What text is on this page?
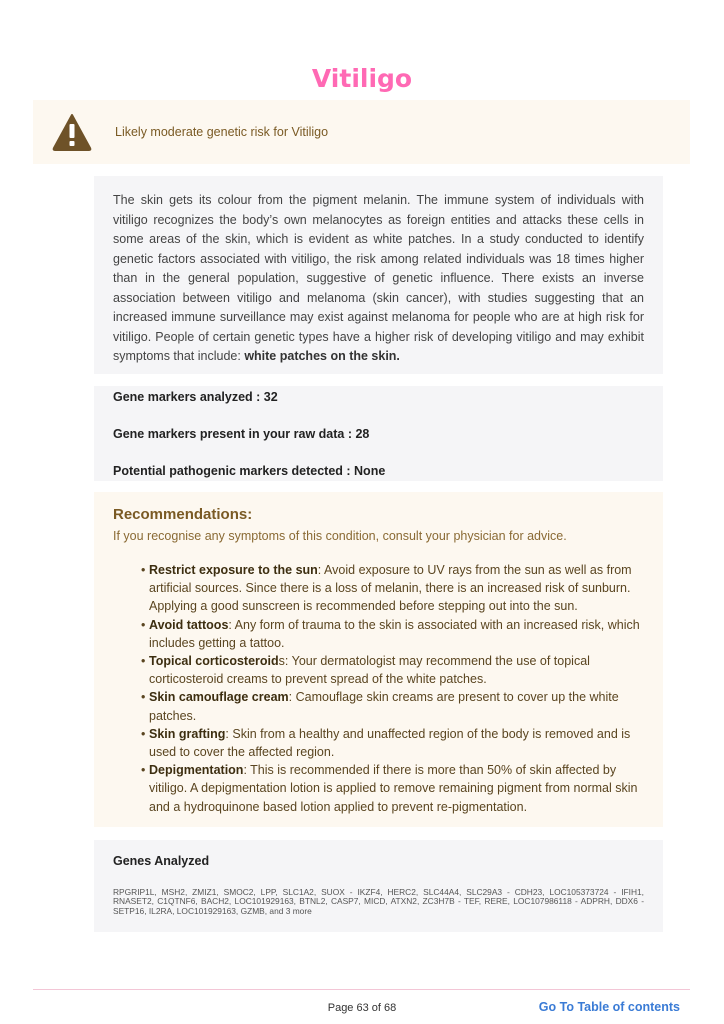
Vitiligo
Likely moderate genetic risk for Vitiligo

The skin gets its colour from the pigment melanin. The immune system of individuals with vitiligo recognizes the body’s own melanocytes as foreign entities and attacks these cells in some areas of the skin, which is evident as white patches. In a study conducted to identify genetic factors associated with vitiligo, the risk among related individuals was 18 times higher than in the general population, suggestive of genetic influence. There exists an inverse association between vitiligo and melanoma (skin cancer), with studies suggesting that an increased immune surveillance may exist against melanoma for people who are at high risk for vitiligo. People of certain genetic types have a higher risk of developing vitiligo and may exhibit symptoms that include: white patches on the skin.

Gene markers analyzed : 32
Gene markers present in your raw data : 28
Potential pathogenic markers detected : None
Recommendations:

If you recognise any symptoms of this condition, consult your physician for advice.

• Restrict exposure to the sun: Avoid exposure to UV rays from the sun as well as from artificial sources. Since there is a loss of melanin, there is an increased risk of sunburn. Applying a good sunscreen is recommended before stepping out into the sun.
• Avoid tattoos: Any form of trauma to the skin is associated with an increased risk, which includes getting a tattoo.
• Topical corticosteroids: Your dermatologist may recommend the use of topical corticosteroid creams to prevent spread of the white patches.
• Skin camouflage cream: Camouflage skin creams are present to cover up the white patches.
• Skin grafting: Skin from a healthy and unaffected region of the body is removed and is used to cover the affected region.
• Depigmentation: This is recommended if there is more than 50% of skin affected by vitiligo. A depigmentation lotion is applied to remove remaining pigment from normal skin and a hydroquinone based lotion applied to prevent re-pigmentation.
Genes Analyzed

RPGRIP1L, MSH2, ZMIZ1, SMOC2, LPP, SLC1A2, SUOX - IKZF4, HERC2, SLC44A4, SLC29A3 - CDH23, LOC105373724 - IFIH1, RNASET2, C1QTNF6, BACH2, LOC101929163, BTNL2, CASP7, MICD, ATXN2, ZC3H7B - TEF, RERE, LOC107986118 - ADPRH, DDX6 - SETP16, IL2RA, LOC101929163, GZMB, and 3 more

Page 63 of 68	Go To Table of contents
